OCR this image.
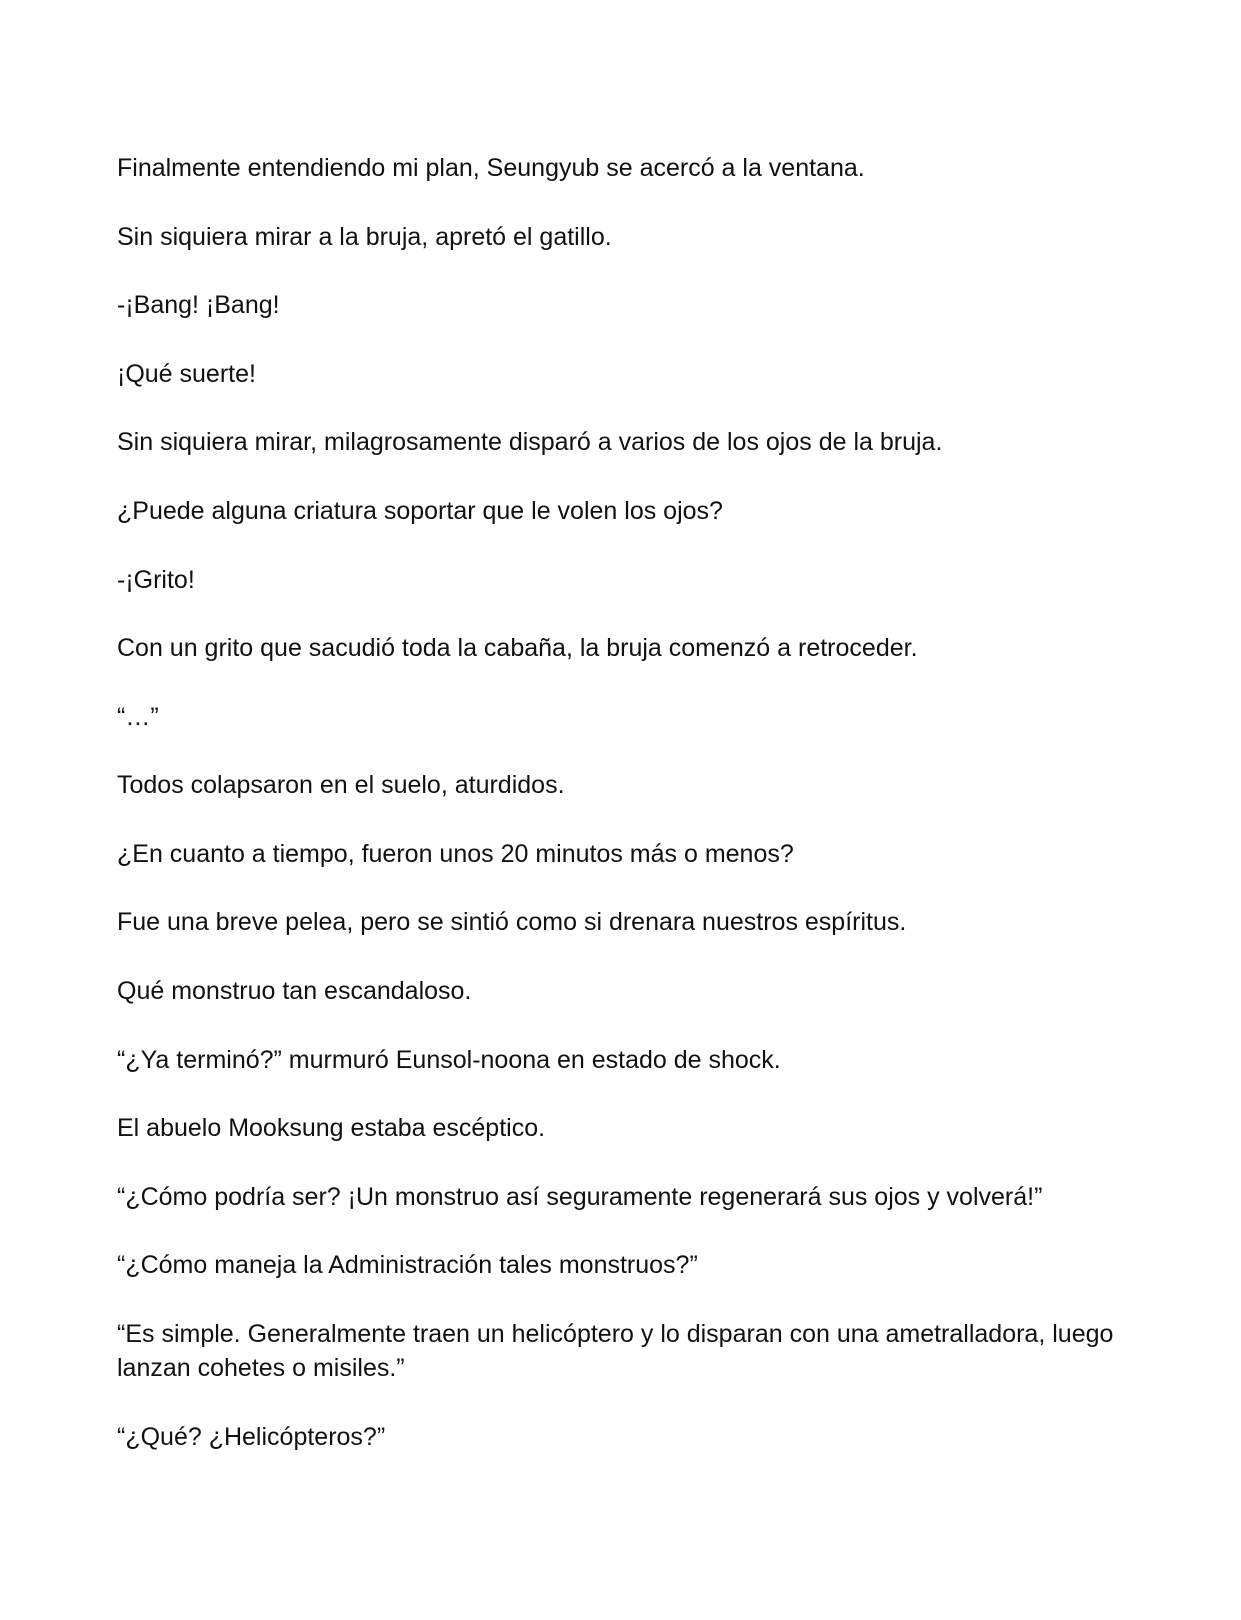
Finalmente entendiendo mi plan, Seungyub se acercó a la ventana.

Sin siquiera mirar a la bruja, apretó el gatillo.

-¡Bang! ¡Bang!

¡Qué suerte!

Sin siquiera mirar, milagrosamente disparó a varios de los ojos de la bruja.

¿Puede alguna criatura soportar que le volen los ojos?

-¡Grito!

Con un grito que sacudió toda la cabaña, la bruja comenzó a retroceder.

“…”

Todos colapsaron en el suelo, aturdidos.

¿En cuanto a tiempo, fueron unos 20 minutos más o menos?

Fue una breve pelea, pero se sintió como si drenara nuestros espíritus.

Qué monstruo tan escandaloso.

“¿Ya terminó?” murmuró Eunsol-noona en estado de shock.

El abuelo Mooksung estaba escéptico.

“¿Cómo podría ser? ¡Un monstruo así seguramente regenerará sus ojos y volverá!”

“¿Cómo maneja la Administración tales monstruos?”

“Es simple. Generalmente traen un helicóptero y lo disparan con una ametralladora, luego lanzan cohetes o misiles.”

“¿Qué? ¿Helicópteros?”
